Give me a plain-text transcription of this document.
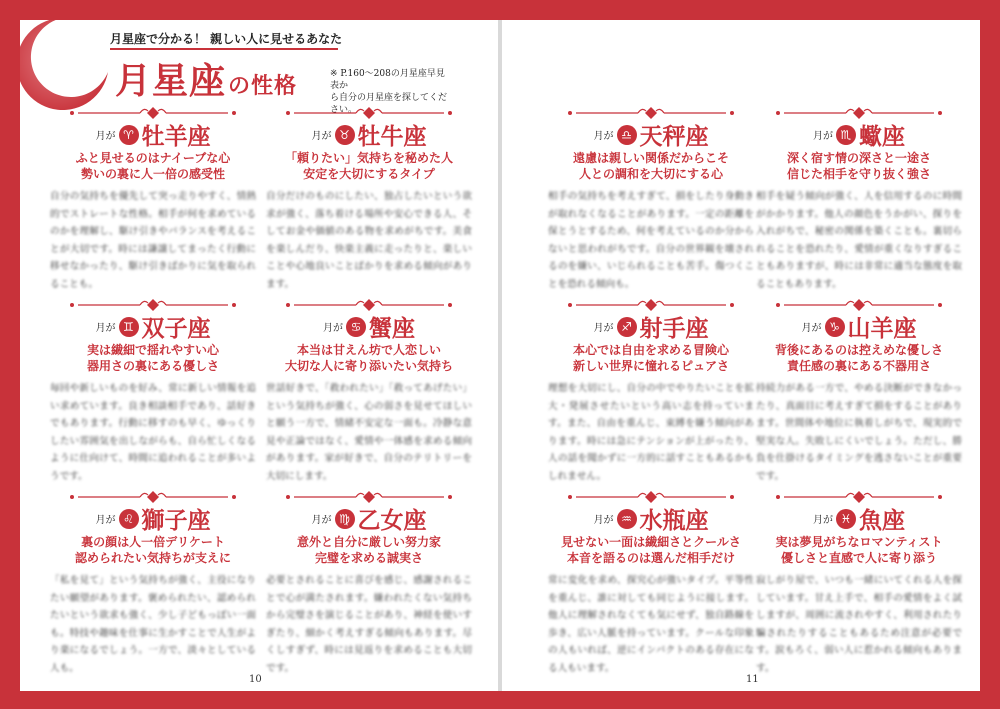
月星座で分かる！ 親しい人に見せるあなた
月星座の性格	※ P.160〜208の月星座早見表か
ら自分の月星座を探してください。
月が ♈ 牡羊座
ふと見せるのはナイーブな心
勢いの裏に人一倍の感受性
自分の気持ちを優先して突っ走りやすく、情熱的でストレートな性格。相手が何を求めているのかを理解し、駆け引きやバランスを考えることが大切です。時には謙譲してまったく行動に移せなかったり、駆け引きばかりに気を取られることも。
月が ♉ 牡牛座
「頼りたい」気持ちを秘めた人
安定を大切にするタイプ
自分だけのものにしたい、独占したいという欲求が強く、落ち着ける場所や安心できる人、そしてお金や価値のある物を求めがちです。美食を楽しんだり、快楽主義に走ったりと、楽しいことや心地良いことばかりを求める傾向があります。
月が ♊ 双子座
実は繊細で揺れやすい心
器用さの裏にある優しさ
毎回や新しいものを好み、常に新しい情報を追い求めています。良き相談相手であり、話好きでもあります。行動に移すのも早く、ゆっくりしたい雰囲気を出しながらも、自ら忙しくなるように仕向けて、時間に追われることが多いようです。
月が ♋ 蟹座
本当は甘えん坊で人恋しい
大切な人に寄り添いたい気持ち
世話好きで、「救われたい」「救ってあげたい」という気持ちが強く、心の弱さを見せてほしいと願う一方で、情緒不安定な一面も。冷静な意見や正論ではなく、愛情や一体感を求める傾向があります。家が好きで、自分のテリトリーを大切にします。
月が ♌ 獅子座
裏の顔は人一倍デリケート
認められたい気持ちが支えに
「私を見て」という気持ちが強く、主役になりたい願望があります。褒められたい、認められたいという欲求も強く、少し子どもっぽい一面も。特技や趣味を仕事に生かすことで人生がより楽になるでしょう。一方で、淡々としている人も。
月が ♍ 乙女座
意外と自分に厳しい努力家
完璧を求める誠実さ
必要とされることに喜びを感じ、感謝されることで心が満たされます。嫌われたくない気持ちから完璧さを演じることがあり、神経を使いすぎたり、細かく考えすぎる傾向もあります。尽くしすぎず、時には見返りを求めることも大切です。
10
月が ♎ 天秤座
遠慮は親しい関係だからこそ
人との調和を大切にする心
相手の気持ちを考えすぎて、損をしたり身動きが取れなくなることがあります。一定の距離を保とうとするため、何を考えているのか分からないと思われがちです。自分の世界観を壊されるのを嫌い、いじられることも苦手。傷つくことを恐れる傾向も。
月が ♏ 蠍座
深く宿す情の深さと一途さ
信じた相手を守り抜く強さ
相手を疑う傾向が強く、人を信用するのに時間がかかります。他人の顔色をうかがい、探りを入れがちで、秘密の関係を築くことも。裏切られることを恐れたり、愛情が重くなりすぎることもありますが、時には非常に適当な態度を取ることもあります。
月が ♐ 射手座
本心では自由を求める冒険心
新しい世界に憧れるピュアさ
理想を大切にし、自分の中でやりたいことを拡大・発展させたいという高い志を持っています。また、自由を重んじ、束縛を嫌う傾向があります。時には急にテンションが上がったり、人の話を聞かずに一方的に話すこともあるかもしれません。
月が ♑ 山羊座
背後にあるのは控えめな優しさ
責任感の裏にある不器用さ
持続力がある一方で、やめる決断ができなかったり、真面目に考えすぎて損をすることがあります。世間体や地位に執着しがちで、現実的で堅実な人。失敗しにくいでしょう。ただし、勝負を仕掛けるタイミングを逃さないことが重要です。
月が ♒ 水瓶座
見せない一面は繊細さとクールさ
本音を語るのは選んだ相手だけ
常に変化を求め、探究心が強いタイプ。平等性を重んじ、誰に対しても同じように接します。他人に理解されなくても気にせず、独自路線を歩き、広い人脈を持っています。クールな印象の人もいれば、逆にインパクトのある存在になる人もいます。
月が ♓ 魚座
実は夢見がちなロマンティスト
優しさと直感で人に寄り添う
寂しがり屋で、いつも一緒にいてくれる人を探しています。甘え上手で、相手の愛情をよく試しますが、周囲に流されやすく、利用されたり騙されたりすることもあるため注意が必要です。涙もろく、弱い人に惹かれる傾向もあります。
11
